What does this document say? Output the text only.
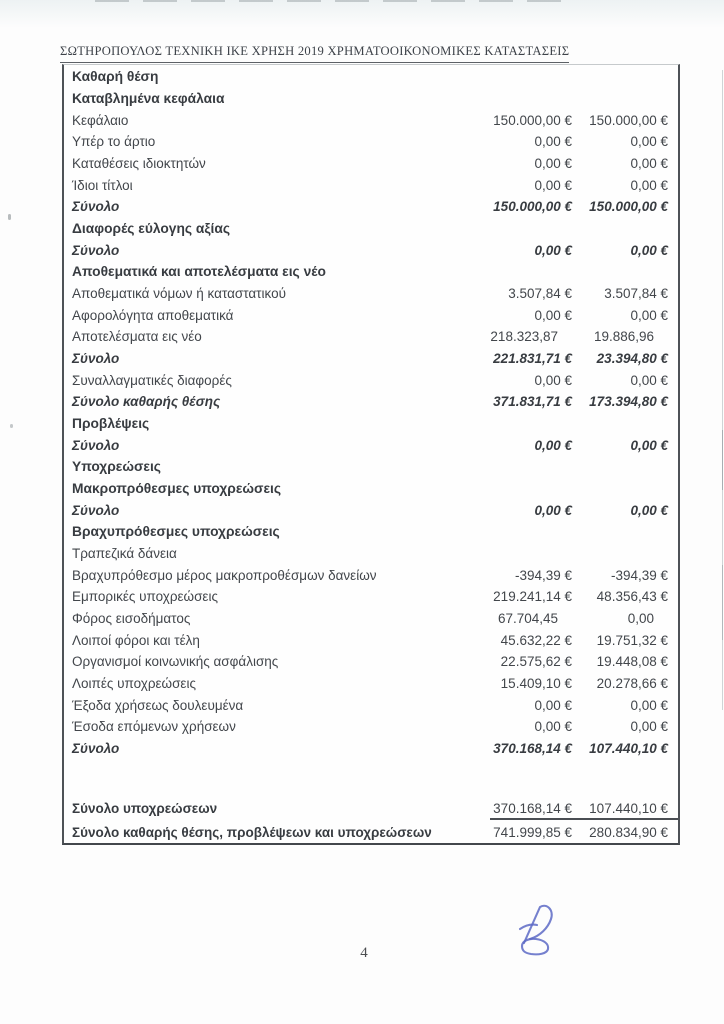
ΣΩΤΗΡΟΠΟΥΛΟΣ ΤΕΧΝΙΚΗ ΙΚΕ ΧΡΗΣΗ 2019 ΧΡΗΜΑΤΟΟΙΚΟΝΟΜΙΚΕΣ ΚΑΤΑΣΤΑΣΕΙΣ
Καθαρή θέση
Καταβλημένα κεφάλαια
Κεφάλαιο	150.000,00 €	150.000,00 €
Υπέρ το άρτιο	0,00 €	0,00 €
Καταθέσεις ιδιοκτητών	0,00 €	0,00 €
Ίδιοι τίτλοι	0,00 €	0,00 €
Σύνολο	150.000,00 €	150.000,00 €
Διαφορές εύλογης αξίας
Σύνολο	0,00 €	0,00 €
Αποθεματικά και αποτελέσματα εις νέο
Αποθεματικά νόμων ή καταστατικού	3.507,84 €	3.507,84 €
Αφορολόγητα αποθεματικά	0,00 €	0,00 €
Αποτελέσματα εις νέο	218.323,87	19.886,96
Σύνολο	221.831,71 €	23.394,80 €
Συναλλαγματικές διαφορές	0,00 €	0,00 €
Σύνολο καθαρής θέσης	371.831,71 €	173.394,80 €
Προβλέψεις
Σύνολο	0,00 €	0,00 €
Υποχρεώσεις
Μακροπρόθεσμες υποχρεώσεις
Σύνολο	0,00 €	0,00 €
Βραχυπρόθεσμες υποχρεώσεις
Τραπεζικά δάνεια
Βραχυπρόθεσμο μέρος μακροπροθέσμων δανείων	-394,39 €	-394,39 €
Εμπορικές υποχρεώσεις	219.241,14 €	48.356,43 €
Φόρος εισοδήματος	67.704,45	0,00
Λοιποί φόροι και τέλη	45.632,22 €	19.751,32 €
Οργανισμοί κοινωνικής ασφάλισης	22.575,62 €	19.448,08 €
Λοιπές υποχρεώσεις	15.409,10 €	20.278,66 €
Έξοδα χρήσεως δουλευμένα	0,00 €	0,00 €
Έσοδα επόμενων χρήσεων	0,00 €	0,00 €
Σύνολο	370.168,14 €	107.440,10 €
Σύνολο υποχρεώσεων	370.168,14 €	107.440,10 €
Σύνολο καθαρής θέσης, προβλέψεων και υποχρεώσεων	741.999,85 €	280.834,90 €
4
